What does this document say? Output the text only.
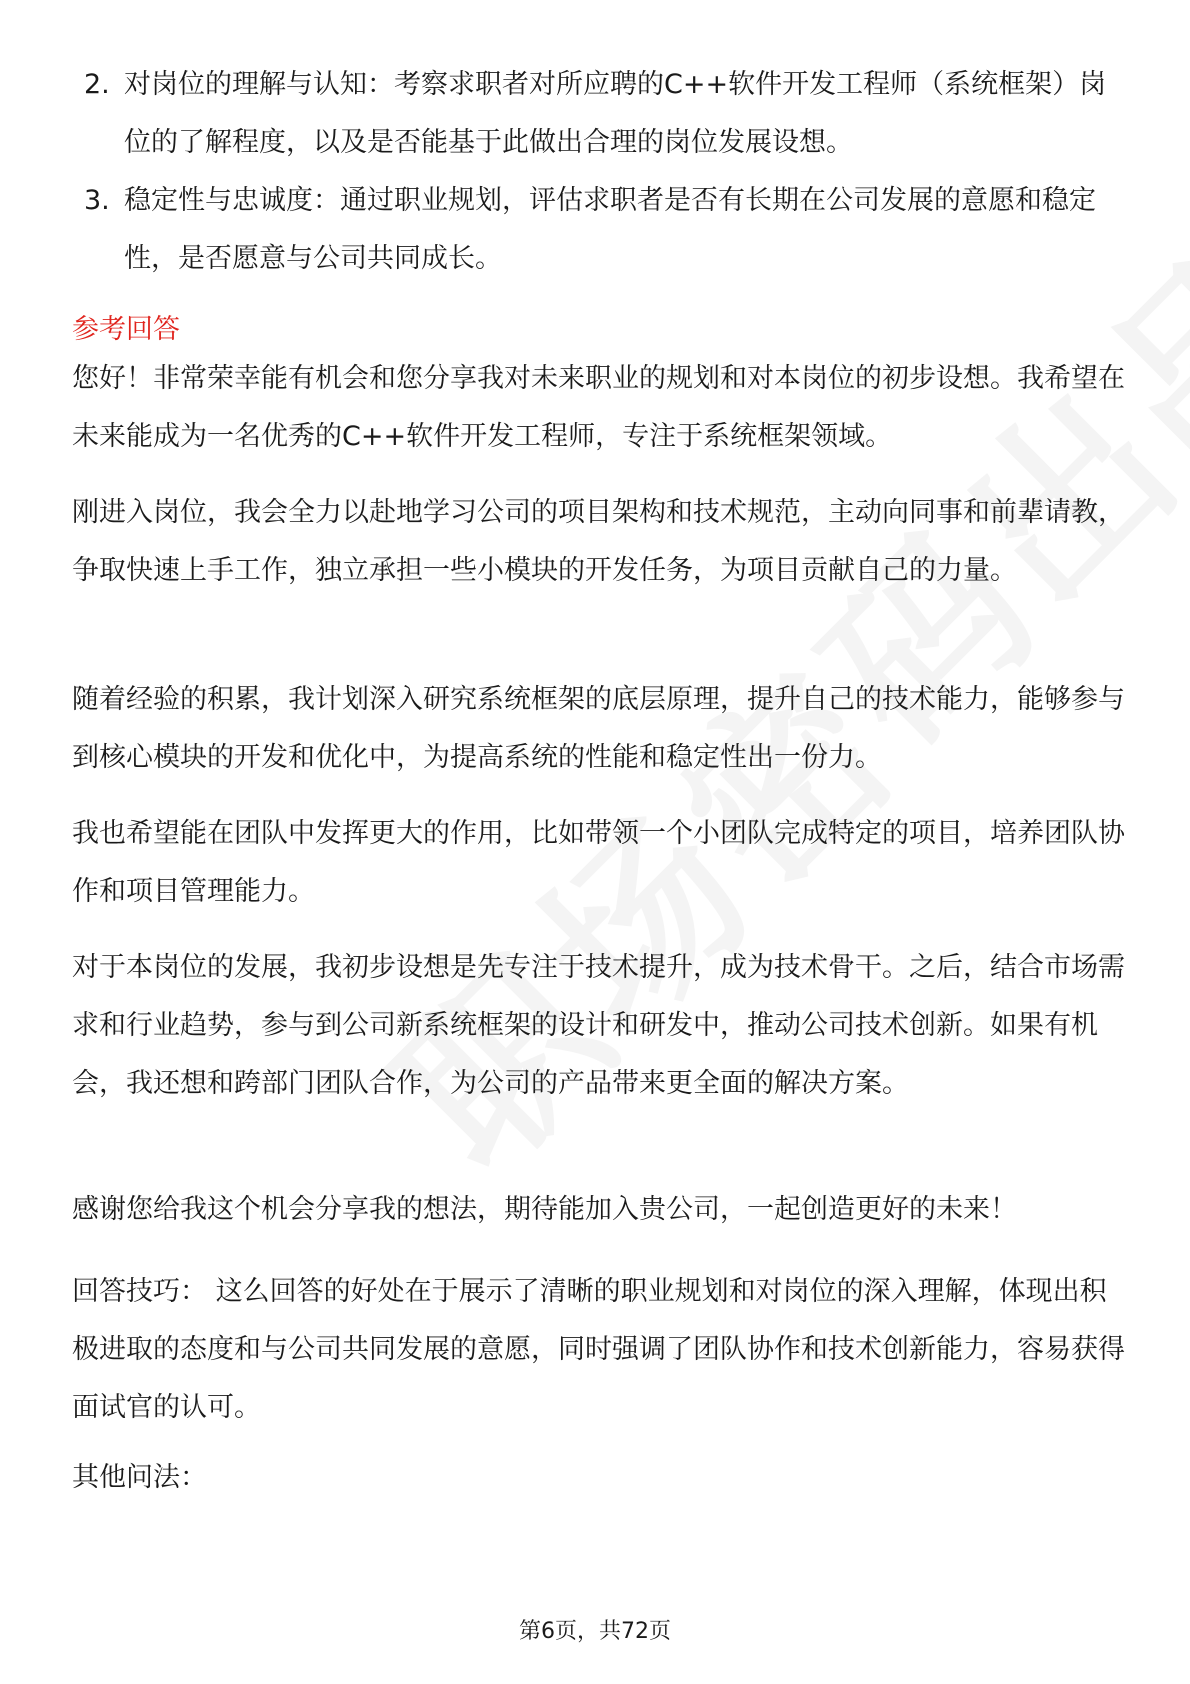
2. 对岗位的理解与认知：考察求职者对所应聘的C++软件开发工程师（系统框架）岗位的了解程度，以及是否能基于此做出合理的岗位发展设想。
3. 稳定性与忠诚度：通过职业规划，评估求职者是否有长期在公司发展的意愿和稳定性，是否愿意与公司共同成长。
参考回答

您好！非常荣幸能有机会和您分享我对未来职业的规划和对本岗位的初步设想。我希望在未来能成为一名优秀的C++软件开发工程师，专注于系统框架领域。

刚进入岗位，我会全力以赴地学习公司的项目架构和技术规范，主动向同事和前辈请教，争取快速上手工作，独立承担一些小模块的开发任务，为项目贡献自己的力量。

随着经验的积累，我计划深入研究系统框架的底层原理，提升自己的技术能力，能够参与到核心模块的开发和优化中，为提高系统的性能和稳定性出一份力。

我也希望能在团队中发挥更大的作用，比如带领一个小团队完成特定的项目，培养团队协作和项目管理能力。

对于本岗位的发展，我初步设想是先专注于技术提升，成为技术骨干。之后，结合市场需求和行业趋势，参与到公司新系统框架的设计和研发中，推动公司技术创新。如果有机会，我还想和跨部门团队合作，为公司的产品带来更全面的解决方案。

感谢您给我这个机会分享我的想法，期待能加入贵公司，一起创造更好的未来！

回答技巧： 这么回答的好处在于展示了清晰的职业规划和对岗位的深入理解，体现出积极进取的态度和与公司共同发展的意愿，同时强调了团队协作和技术创新能力，容易获得面试官的认可。

其他问法：

第6页，共72页
